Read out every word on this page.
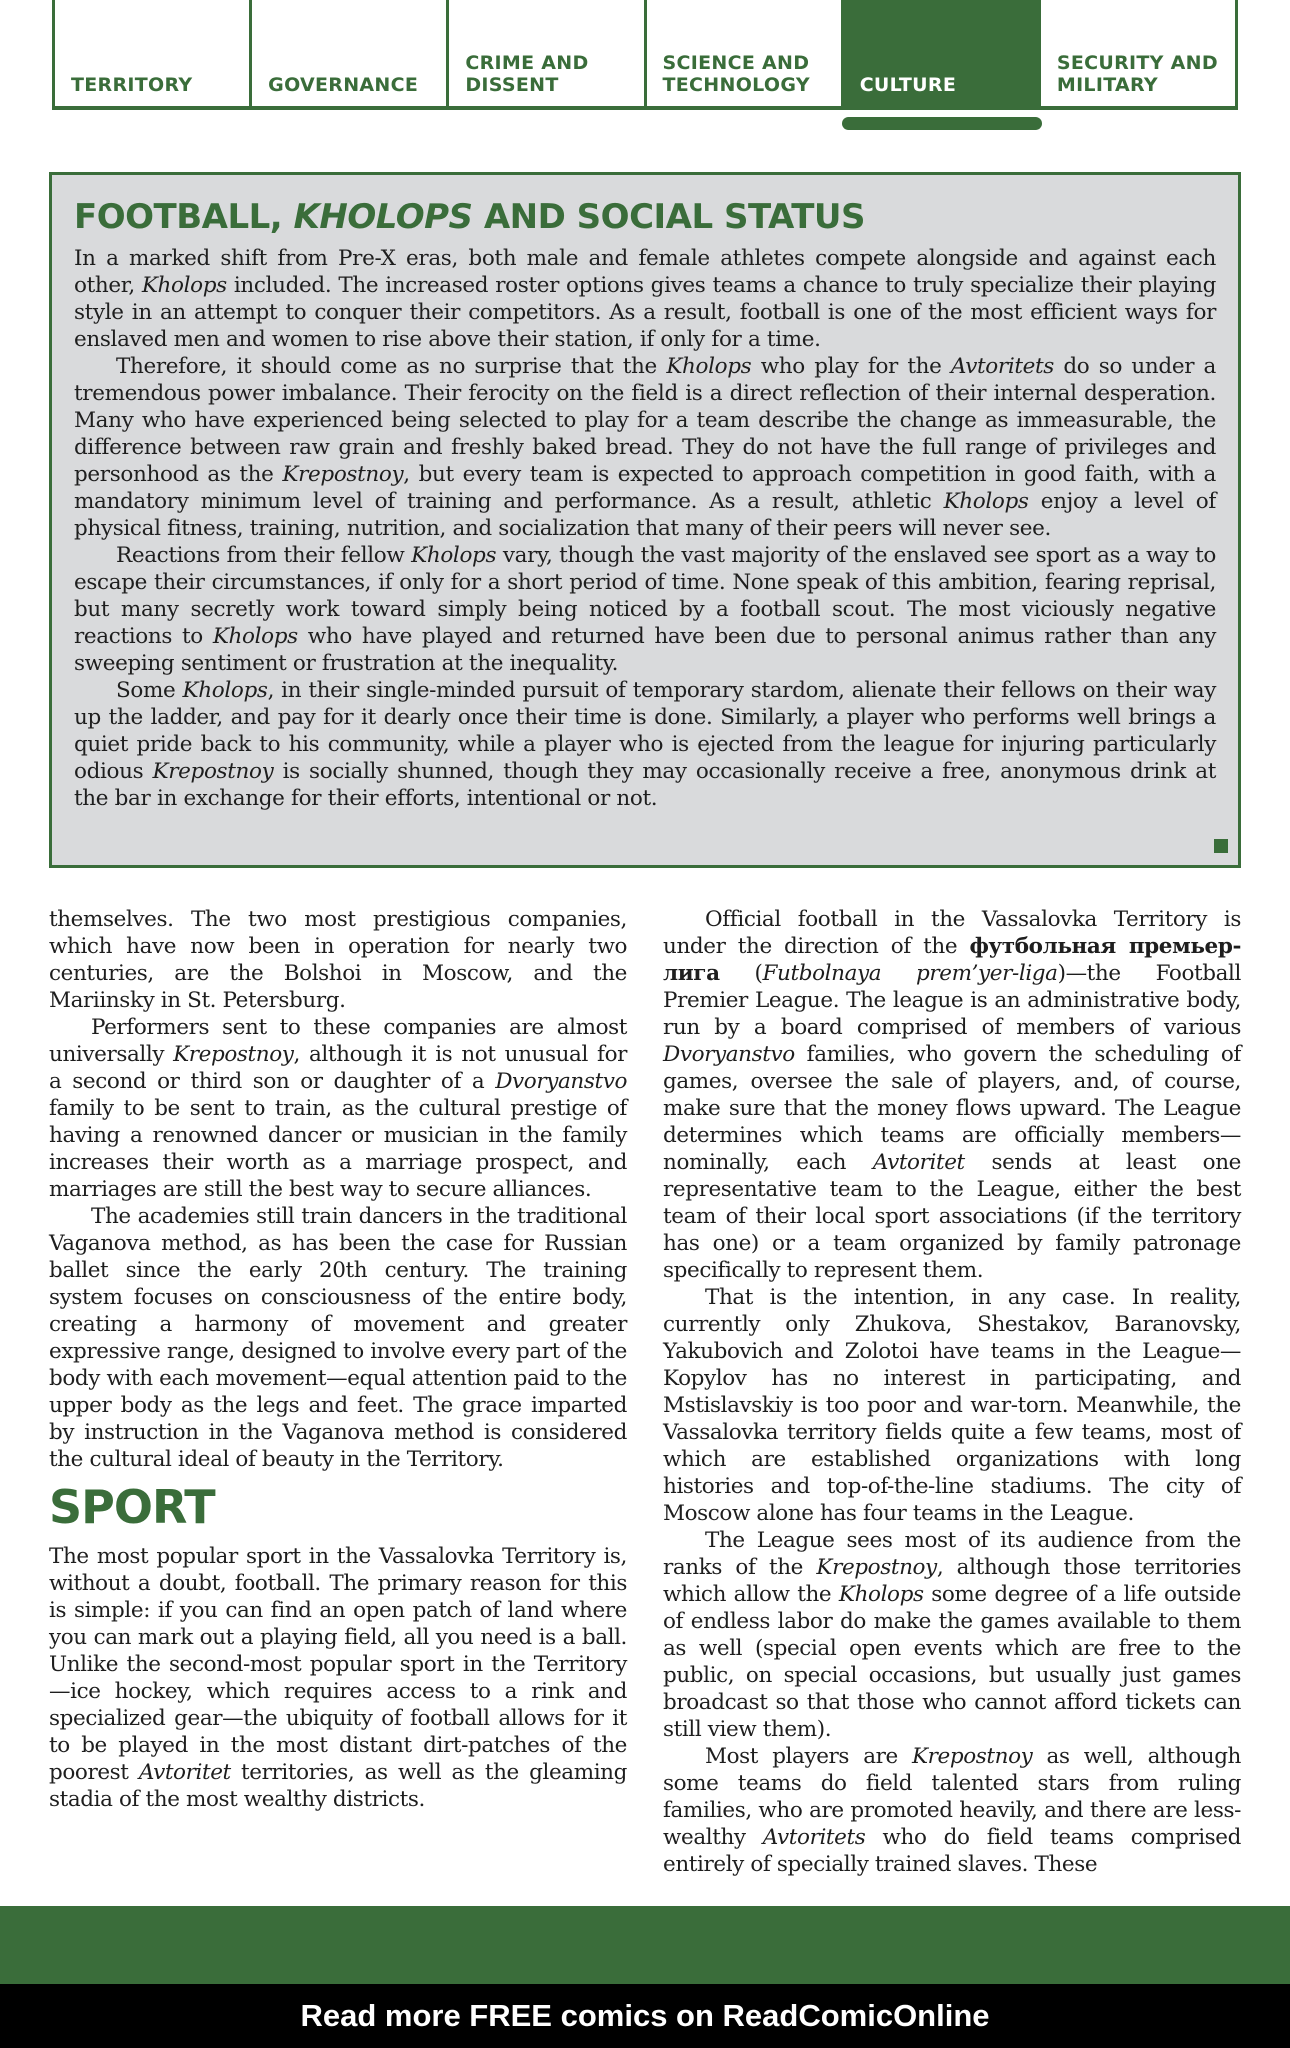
TERRITORY	GOVERNANCE
CRIME AND
DISSENT
SCIENCE AND
TECHNOLOGY	CULTURE
SECURITY AND
MILITARY
FOOTBALL, KHOLOPS AND SOCIAL STATUS

In a marked shift from Pre-X eras, both male and female athletes compete alongside and against each other, Kholops included. The increased roster options gives teams a chance to truly specialize their playing style in an attempt to conquer their competitors. As a result, football is one of the most efficient ways for enslaved men and women to rise above their station, if only for a time.

Therefore, it should come as no surprise that the Kholops who play for the Avtoritets do so under a tremendous power imbalance. Their ferocity on the field is a direct reflection of their internal desperation. Many who have experienced being selected to play for a team describe the change as immeasurable, the difference between raw grain and freshly baked bread. They do not have the full range of privileges and personhood as the Krepostnoy, but every team is expected to approach competition in good faith, with a mandatory minimum level of training and performance. As a result, athletic Kholops enjoy a level of physical fitness, training, nutrition, and socialization that many of their peers will never see.

Reactions from their fellow Kholops vary, though the vast majority of the enslaved see sport as a way to escape their circumstances, if only for a short period of time. None speak of this ambition, fearing reprisal, but many secretly work toward simply being noticed by a football scout. The most viciously negative reactions to Kholops who have played and returned have been due to personal animus rather than any sweeping sentiment or frustration at the inequality.

Some Kholops, in their single-minded pursuit of temporary stardom, alienate their fellows on their way up the ladder, and pay for it dearly once their time is done. Similarly, a player who performs well brings a quiet pride back to his community, while a player who is ejected from the league for injuring particularly odious Krepostnoy is socially shunned, though they may occasionally receive a free, anonymous drink at the bar in exchange for their efforts, intentional or not.

themselves. The two most prestigious companies, which have now been in operation for nearly two centuries, are the Bolshoi in Moscow, and the Mariinsky in St. Petersburg.

Performers sent to these companies are almost universally Krepostnoy, although it is not unusual for a second or third son or daughter of a Dvoryanstvo family to be sent to train, as the cultural prestige of having a renowned dancer or musician in the family increases their worth as a marriage prospect, and marriages are still the best way to secure alliances.

The academies still train dancers in the traditional Vaganova method, as has been the case for Russian ballet since the early 20th century. The training system focuses on consciousness of the entire body, creating a harmony of movement and greater expressive range, designed to involve every part of the body with each movement—equal attention paid to the upper body as the legs and feet. The grace imparted by instruction in the Vaganova method is considered the cultural ideal of beauty in the Territory.

SPORT

The most popular sport in the Vassalovka Territory is, without a doubt, football. The primary reason for this is simple: if you can find an open patch of land where you can mark out a playing field, all you need is a ball. Unlike the second-most popular sport in the Territory—ice hockey, which requires access to a rink and specialized gear—the ubiquity of football allows for it to be played in the most distant dirt-patches of the poorest Avtoritet territories, as well as the gleaming stadia of the most wealthy districts.

Official football in the Vassalovka Territory is under the direction of the футбольная премьер-лига (Futbolnaya prem’yer-liga)—the Football Premier League. The league is an administrative body, run by a board comprised of members of various Dvoryanstvo families, who govern the scheduling of games, oversee the sale of players, and, of course, make sure that the money flows upward. The League determines which teams are officially members—nominally, each Avtoritet sends at least one representative team to the League, either the best team of their local sport associations (if the territory has one) or a team organized by family patronage specifically to represent them.

That is the intention, in any case. In reality, currently only Zhukova, Shestakov, Baranovsky, Yakubovich and Zolotoi have teams in the League—Kopylov has no interest in participating, and Mstislavskiy is too poor and war-torn. Meanwhile, the Vassalovka territory fields quite a few teams, most of which are established organizations with long histories and top-of-the-line stadiums. The city of Moscow alone has four teams in the League.

The League sees most of its audience from the ranks of the Krepostnoy, although those territories which allow the Kholops some degree of a life outside of endless labor do make the games available to them as well (special open events which are free to the public, on special occasions, but usually just games broadcast so that those who cannot afford tickets can still view them).

Most players are Krepostnoy as well, although some teams do field talented stars from ruling families, who are promoted heavily, and there are less-wealthy Avtoritets who do field teams comprised entirely of specially trained slaves. These

Read more FREE comics on ReadComicOnline
